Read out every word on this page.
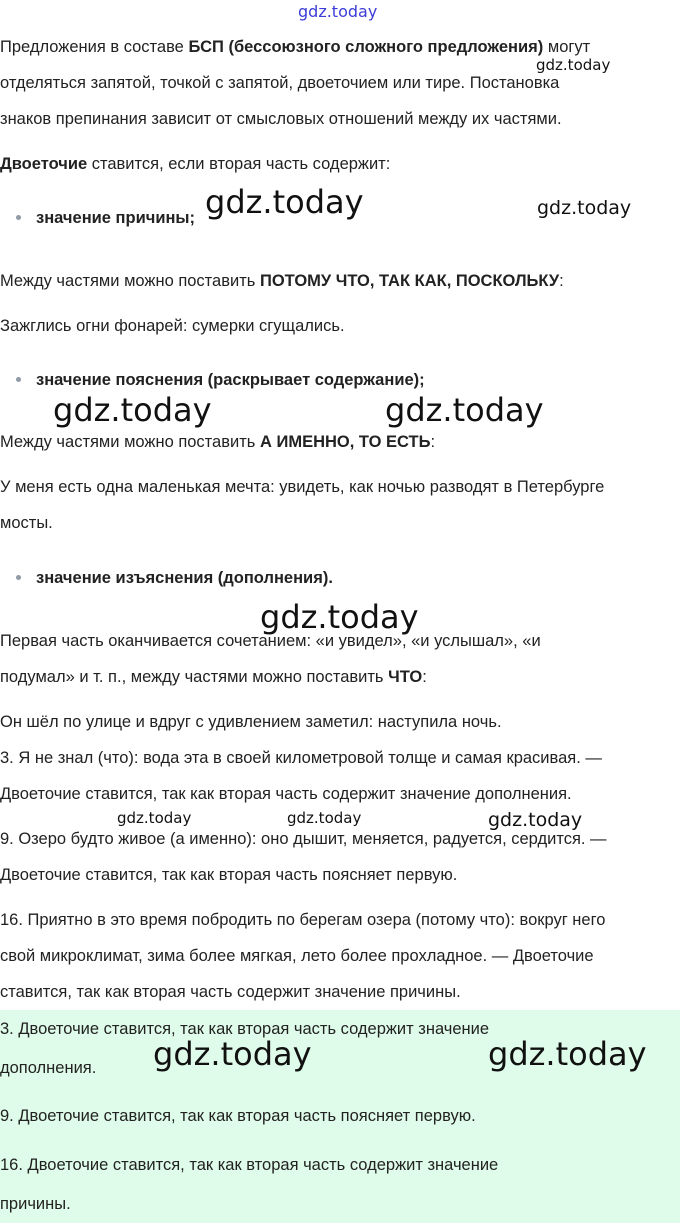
Предложения в составе БСП (бессоюзного сложного предложения) могут

отделяться запятой, точкой с запятой, двоеточием или тире. Постановка

знаков препинания зависит от смысловых отношений между их частями.

Двоеточие ставится, если вторая часть содержит:

значение причины;

Между частями можно поставить ПОТОМУ ЧТО, ТАК КАК, ПОСКОЛЬКУ:

Зажглись огни фонарей: сумерки сгущались.

значение пояснения (раскрывает содержание);

Между частями можно поставить А ИМЕННО, ТО ЕСТЬ:

У меня есть одна маленькая мечта: увидеть, как ночью разводят в Петербурге

мосты.

значение изъяснения (дополнения).

Первая часть оканчивается сочетанием: «и увидел», «и услышал», «и

подумал» и т. п., между частями можно поставить ЧТО:

Он шёл по улице и вдруг с удивлением заметил: наступила ночь.

3. Я не знал (что): вода эта в своей километровой толще и самая красивая. —

Двоеточие ставится, так как вторая часть содержит значение дополнения.

9. Озеро будто живое (а именно): оно дышит, меняется, радуется, сердится. —

Двоеточие ставится, так как вторая часть поясняет первую.

16. Приятно в это время побродить по берегам озера (потому что): вокруг него

свой микроклимат, зима более мягкая, лето более прохладное. — Двоеточие

ставится, так как вторая часть содержит значение причины.

3. Двоеточие ставится, так как вторая часть содержит значение

дополнения.

9. Двоеточие ставится, так как вторая часть поясняет первую.

16. Двоеточие ставится, так как вторая часть содержит значение

причины.

gdz.today
gdz.today
gdz.today	gdz.today
gdz.today	gdz.today
gdz.today
gdz.today	gdz.today	gdz.today
gdz.today	gdz.today
